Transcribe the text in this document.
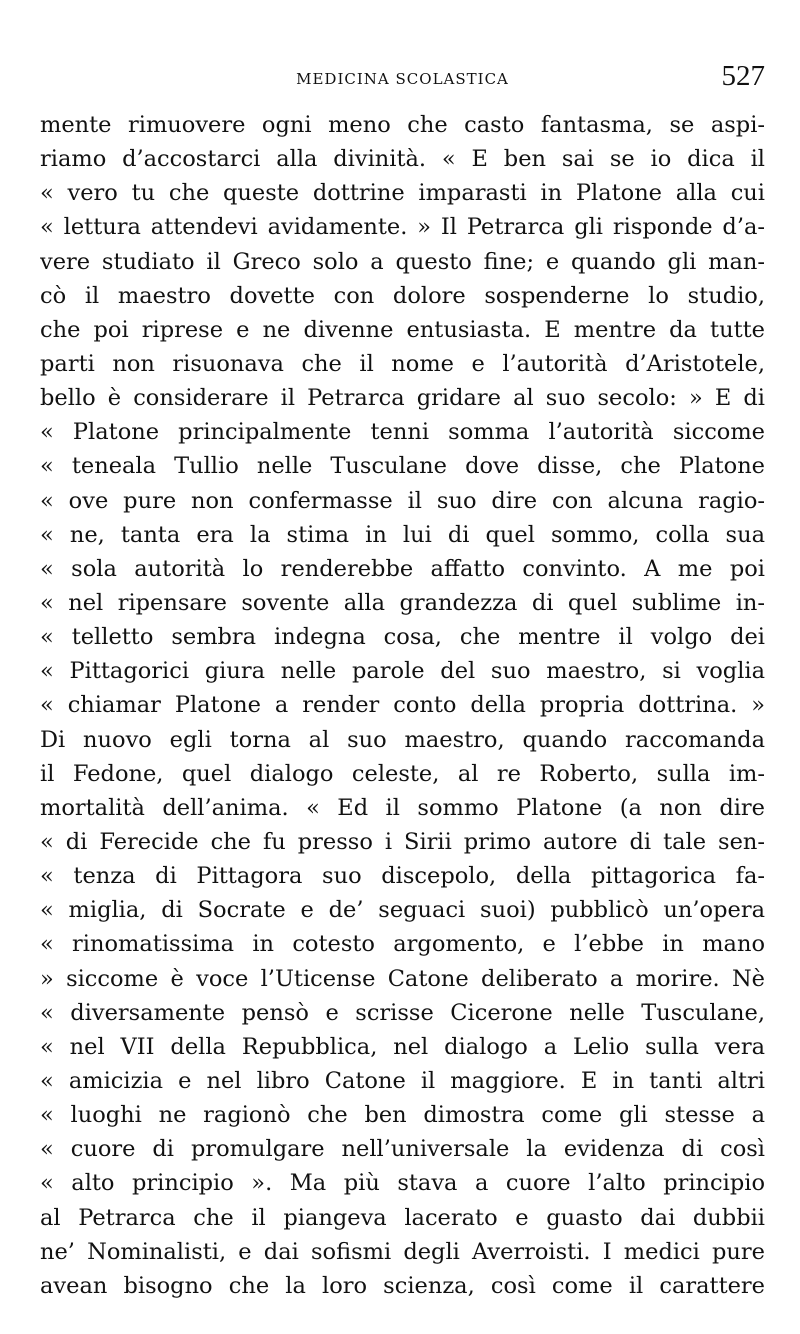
MEDICINA SCOLASTICA	527
mente rimuovere ogni meno che casto fantasma, se aspi-
riamo d’accostarci alla divinità. « E ben sai se io dica il
« vero tu che queste dottrine imparasti in Platone alla cui
« lettura attendevi avidamente. » Il Petrarca gli risponde d’a-
vere studiato il Greco solo a questo fine; e quando gli man-
cò il maestro dovette con dolore sospenderne lo studio,
che poi riprese e ne divenne entusiasta. E mentre da tutte
parti non risuonava che il nome e l’autorità d’Aristotele,
bello è considerare il Petrarca gridare al suo secolo: » E di
« Platone principalmente tenni somma l’autorità siccome
« teneala Tullio nelle Tusculane dove disse, che Platone
« ove pure non confermasse il suo dire con alcuna ragio-
« ne, tanta era la stima in lui di quel sommo, colla sua
« sola autorità lo renderebbe affatto convinto. A me poi
« nel ripensare sovente alla grandezza di quel sublime in-
« telletto sembra indegna cosa, che mentre il volgo dei
« Pittagorici giura nelle parole del suo maestro, si voglia
« chiamar Platone a render conto della propria dottrina. »
Di nuovo egli torna al suo maestro, quando raccomanda
il Fedone, quel dialogo celeste, al re Roberto, sulla im-
mortalità dell’anima. « Ed il sommo Platone (a non dire
« di Ferecide che fu presso i Sirii primo autore di tale sen-
« tenza di Pittagora suo discepolo, della pittagorica fa-
« miglia, di Socrate e de’ seguaci suoi) pubblicò un’opera
« rinomatissima in cotesto argomento, e l’ebbe in mano
» siccome è voce l’Uticense Catone deliberato a morire. Nè
« diversamente pensò e scrisse Cicerone nelle Tusculane,
« nel VII della Repubblica, nel dialogo a Lelio sulla vera
« amicizia e nel libro Catone il maggiore. E in tanti altri
« luoghi ne ragionò che ben dimostra come gli stesse a
« cuore di promulgare nell’universale la evidenza di così
« alto principio ». Ma più stava a cuore l’alto principio
al Petrarca che il piangeva lacerato e guasto dai dubbii
ne’ Nominalisti, e dai sofismi degli Averroisti. I medici pure
avean bisogno che la loro scienza, così come il carattere
